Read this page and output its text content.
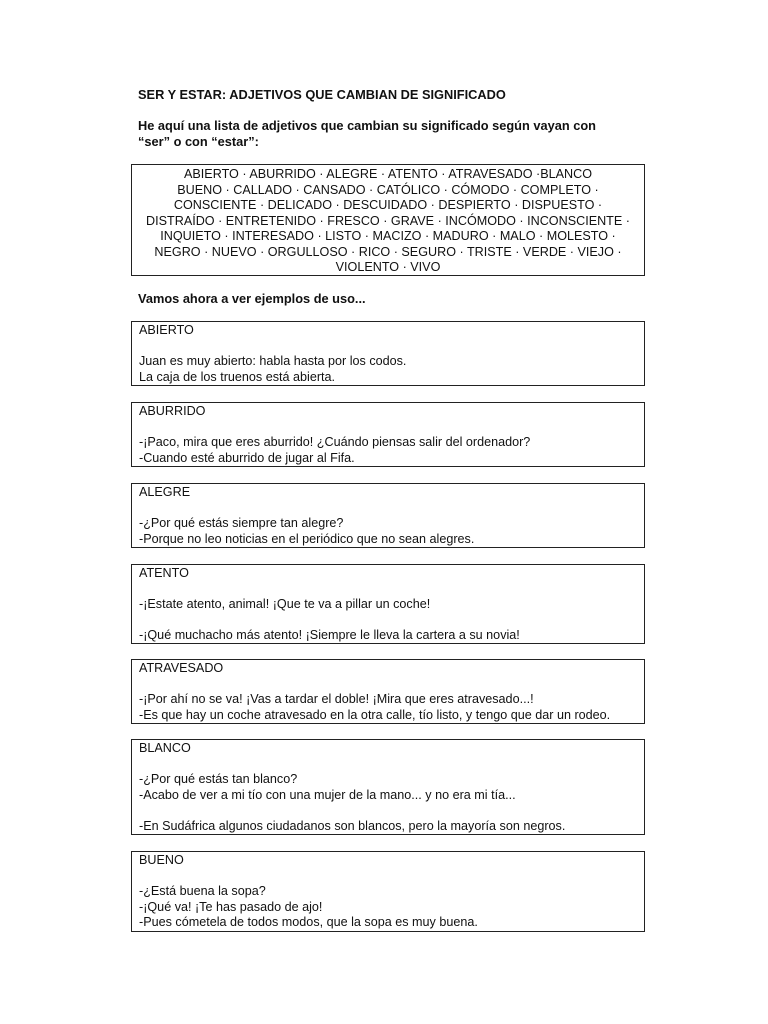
SER Y ESTAR: ADJETIVOS QUE CAMBIAN DE SIGNIFICADO

He aquí una lista de adjetivos que cambian su significado según vayan con
“ser” o con “estar”:

ABIERTO · ABURRIDO · ALEGRE · ATENTO · ATRAVESADO ·BLANCO
BUENO · CALLADO · CANSADO · CATÓLICO · CÓMODO · COMPLETO ·
CONSCIENTE · DELICADO · DESCUIDADO · DESPIERTO · DISPUESTO ·
DISTRAÍDO · ENTRETENIDO · FRESCO · GRAVE · INCÓMODO · INCONSCIENTE ·
INQUIETO · INTERESADO · LISTO · MACIZO · MADURO · MALO · MOLESTO ·
NEGRO · NUEVO · ORGULLOSO · RICO · SEGURO · TRISTE · VERDE · VIEJO ·
VIOLENTO · VIVO

Vamos ahora a ver ejemplos de uso...

ABIERTO
Juan es muy abierto: habla hasta por los codos.
La caja de los truenos está abierta.
ABURRIDO
-¡Paco, mira que eres aburrido! ¿Cuándo piensas salir del ordenador?
-Cuando esté aburrido de jugar al Fifa.
ALEGRE
-¿Por qué estás siempre tan alegre?
-Porque no leo noticias en el periódico que no sean alegres.
ATENTO
-¡Estate atento, animal! ¡Que te va a pillar un coche!
-¡Qué muchacho más atento! ¡Siempre le lleva la cartera a su novia!
ATRAVESADO
-¡Por ahí no se va! ¡Vas a tardar el doble! ¡Mira que eres atravesado...!
-Es que hay un coche atravesado en la otra calle, tío listo, y tengo que dar un rodeo.
BLANCO
-¿Por qué estás tan blanco?
-Acabo de ver a mi tío con una mujer de la mano... y no era mi tía...
-En Sudáfrica algunos ciudadanos son blancos, pero la mayoría son negros.
BUENO
-¿Está buena la sopa?
-¡Qué va! ¡Te has pasado de ajo!
-Pues cómetela de todos modos, que la sopa es muy buena.
